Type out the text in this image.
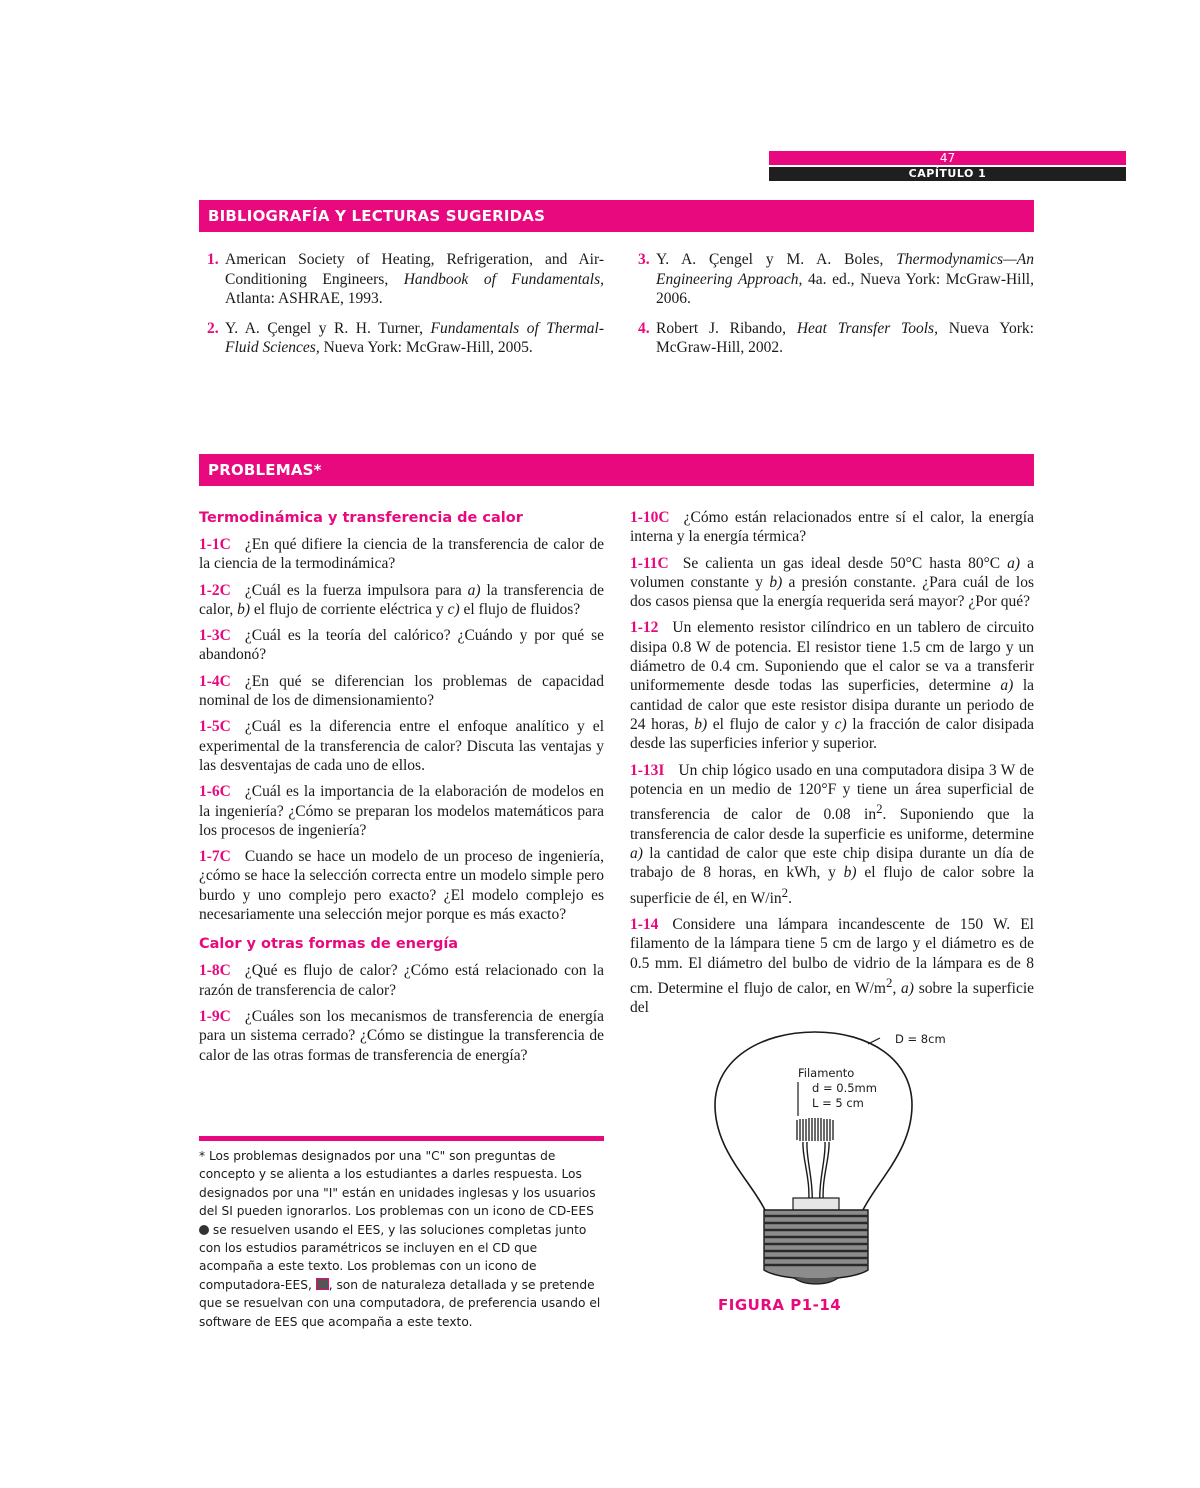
47
CAPÍTULO 1
BIBLIOGRAFÍA Y LECTURAS SUGERIDAS
1. American Society of Heating, Refrigeration, and Air-Conditioning Engineers, Handbook of Fundamentals, Atlanta: ASHRAE, 1993.
2. Y. A. Çengel y R. H. Turner, Fundamentals of Thermal-Fluid Sciences, Nueva York: McGraw-Hill, 2005.
3. Y. A. Çengel y M. A. Boles, Thermodynamics—An Engineering Approach, 4a. ed., Nueva York: McGraw-Hill, 2006.
4. Robert J. Ribando, Heat Transfer Tools, Nueva York: McGraw-Hill, 2002.
PROBLEMAS*
Termodinámica y transferencia de calor

1-1C ¿En qué difiere la ciencia de la transferencia de calor de la ciencia de la termodinámica?

1-2C ¿Cuál es la fuerza impulsora para a) la transferencia de calor, b) el flujo de corriente eléctrica y c) el flujo de fluidos?

1-3C ¿Cuál es la teoría del calórico? ¿Cuándo y por qué se abandonó?

1-4C ¿En qué se diferencian los problemas de capacidad nominal de los de dimensionamiento?

1-5C ¿Cuál es la diferencia entre el enfoque analítico y el experimental de la transferencia de calor? Discuta las ventajas y las desventajas de cada uno de ellos.

1-6C ¿Cuál es la importancia de la elaboración de modelos en la ingeniería? ¿Cómo se preparan los modelos matemáticos para los procesos de ingeniería?

1-7C Cuando se hace un modelo de un proceso de ingeniería, ¿cómo se hace la selección correcta entre un modelo simple pero burdo y uno complejo pero exacto? ¿El modelo complejo es necesariamente una selección mejor porque es más exacto?

Calor y otras formas de energía

1-8C ¿Qué es flujo de calor? ¿Cómo está relacionado con la razón de transferencia de calor?

1-9C ¿Cuáles son los mecanismos de transferencia de energía para un sistema cerrado? ¿Cómo se distingue la transferencia de calor de las otras formas de transferencia de energía?

1-10C ¿Cómo están relacionados entre sí el calor, la energía interna y la energía térmica?

1-11C Se calienta un gas ideal desde 50°C hasta 80°C a) a volumen constante y b) a presión constante. ¿Para cuál de los dos casos piensa que la energía requerida será mayor? ¿Por qué?

1-12 Un elemento resistor cilíndrico en un tablero de circuito disipa 0.8 W de potencia. El resistor tiene 1.5 cm de largo y un diámetro de 0.4 cm. Suponiendo que el calor se va a transferir uniformemente desde todas las superficies, determine a) la cantidad de calor que este resistor disipa durante un periodo de 24 horas, b) el flujo de calor y c) la fracción de calor disipada desde las superficies inferior y superior.

1-13I Un chip lógico usado en una computadora disipa 3 W de potencia en un medio de 120°F y tiene un área superficial de transferencia de calor de 0.08 $in^2$. Suponiendo que la transferencia de calor desde la superficie es uniforme, determine a) la cantidad de calor que este chip disipa durante un día de trabajo de 8 horas, en kWh, y b) el flujo de calor sobre la superficie de él, en $W/in^2$.

1-14 Considere una lámpara incandescente de 150 W. El filamento de la lámpara tiene 5 cm de largo y el diámetro es de 0.5 mm. El diámetro del bulbo de vidrio de la lámpara es de 8 cm. Determine el flujo de calor, en $W/m^2$, a) sobre la superficie del

* Los problemas designados por una "C" son preguntas de concepto y se alienta a los estudiantes a darles respuesta. Los designados por una "I" están en unidades inglesas y los usuarios del SI pueden ignorarlos. Los problemas con un icono de CD-EES  se resuelven usando el EES, y las soluciones completas junto con los estudios paramétricos se incluyen en el CD que acompaña a este texto. Los problemas con un icono de computadora-EES, , son de naturaleza detallada y se pretende que se resuelvan con una computadora, de preferencia usando el software de EES que acompaña a este texto.
D = 8cm
Filamento
d = 0.5mm
L = 5 cm
FIGURA P1-14
